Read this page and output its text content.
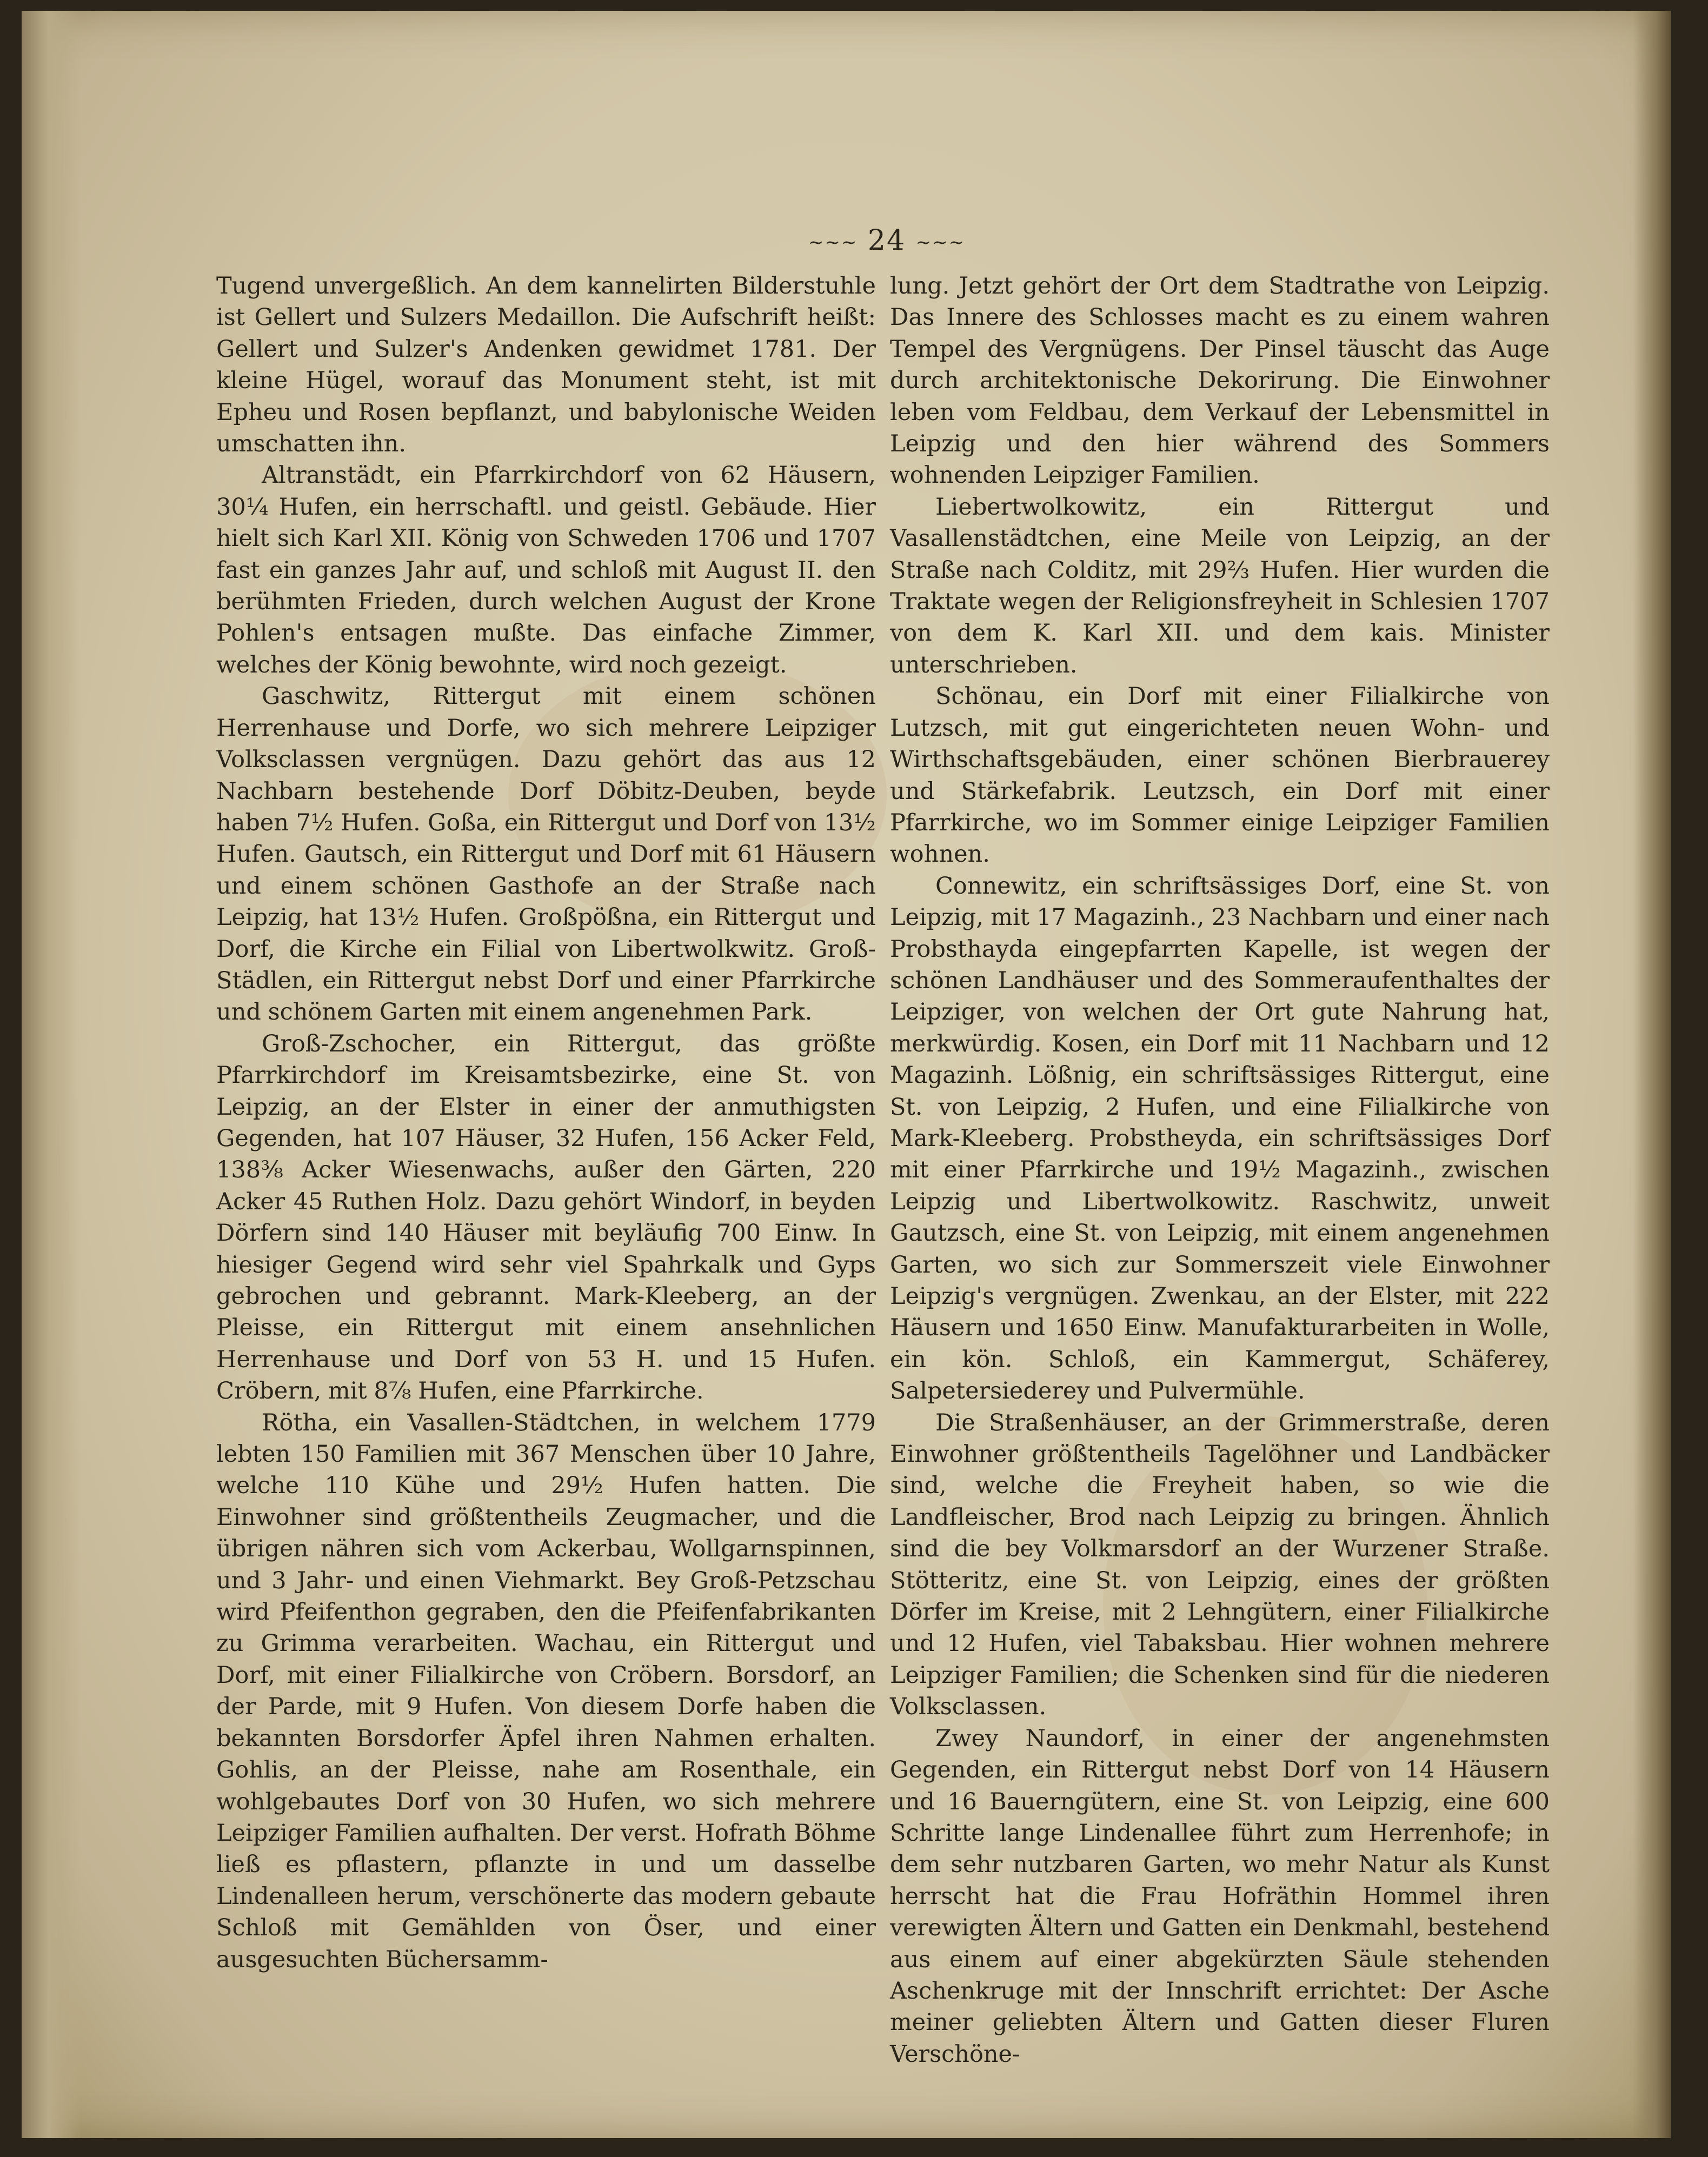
~~~ 24 ~~~

Tugend unvergeßlich. An dem kannelirten Bilderstuhle ist Gellert und Sulzers Medaillon. Die Aufschrift heißt: Gellert und Sulzer's Andenken gewidmet 1781. Der kleine Hügel, worauf das Monument steht, ist mit Epheu und Rosen bepflanzt, und babylonische Weiden umschatten ihn.

Altranstädt, ein Pfarrkirchdorf von 62 Häusern, 30¼ Hufen, ein herrschaftl. und geistl. Gebäude. Hier hielt sich Karl XII. König von Schweden 1706 und 1707 fast ein ganzes Jahr auf, und schloß mit August II. den berühmten Frieden, durch welchen August der Krone Pohlen's entsagen mußte. Das einfache Zimmer, welches der König bewohnte, wird noch gezeigt.

Gaschwitz, Rittergut mit einem schönen Herrenhause und Dorfe, wo sich mehrere Leipziger Volksclassen vergnügen. Dazu gehört das aus 12 Nachbarn bestehende Dorf Döbitz-Deuben, beyde haben 7½ Hufen. Goßa, ein Rittergut und Dorf von 13½ Hufen. Gautsch, ein Rittergut und Dorf mit 61 Häusern und einem schönen Gasthofe an der Straße nach Leipzig, hat 13½ Hufen. Großpößna, ein Rittergut und Dorf, die Kirche ein Filial von Libertwolkwitz. Groß-Städlen, ein Rittergut nebst Dorf und einer Pfarrkirche und schönem Garten mit einem angenehmen Park.

Groß-Zschocher, ein Rittergut, das größte Pfarrkirchdorf im Kreisamtsbezirke, eine St. von Leipzig, an der Elster in einer der anmuthigsten Gegenden, hat 107 Häuser, 32 Hufen, 156 Acker Feld, 138⅜ Acker Wiesenwachs, außer den Gärten, 220 Acker 45 Ruthen Holz. Dazu gehört Windorf, in beyden Dörfern sind 140 Häuser mit beyläufig 700 Einw. In hiesiger Gegend wird sehr viel Spahrkalk und Gyps gebrochen und gebrannt. Mark-Kleeberg, an der Pleisse, ein Rittergut mit einem ansehnlichen Herrenhause und Dorf von 53 H. und 15 Hufen. Cröbern, mit 8⅞ Hufen, eine Pfarrkirche.

Rötha, ein Vasallen-Städtchen, in welchem 1779 lebten 150 Familien mit 367 Menschen über 10 Jahre, welche 110 Kühe und 29½ Hufen hatten. Die Einwohner sind größtentheils Zeugmacher, und die übrigen nähren sich vom Ackerbau, Wollgarnspinnen, und 3 Jahr- und einen Viehmarkt. Bey Groß-Petzschau wird Pfeifenthon gegraben, den die Pfeifenfabrikanten zu Grimma verarbeiten. Wachau, ein Rittergut und Dorf, mit einer Filialkirche von Cröbern. Borsdorf, an der Parde, mit 9 Hufen. Von diesem Dorfe haben die bekannten Borsdorfer Äpfel ihren Nahmen erhalten. Gohlis, an der Pleisse, nahe am Rosenthale, ein wohlgebautes Dorf von 30 Hufen, wo sich mehrere Leipziger Familien aufhalten. Der verst. Hofrath Böhme ließ es pflastern, pflanzte in und um dasselbe Lindenalleen herum, verschönerte das modern gebaute Schloß mit Gemählden von Öser, und einer ausgesuchten Büchersamm-

lung. Jetzt gehört der Ort dem Stadtrathe von Leipzig. Das Innere des Schlosses macht es zu einem wahren Tempel des Vergnügens. Der Pinsel täuscht das Auge durch architektonische Dekorirung. Die Einwohner leben vom Feldbau, dem Verkauf der Lebensmittel in Leipzig und den hier während des Sommers wohnenden Leipziger Familien.

Liebertwolkowitz, ein Rittergut und Vasallenstädtchen, eine Meile von Leipzig, an der Straße nach Colditz, mit 29⅔ Hufen. Hier wurden die Traktate wegen der Religionsfreyheit in Schlesien 1707 von dem K. Karl XII. und dem kais. Minister unterschrieben.

Schönau, ein Dorf mit einer Filialkirche von Lutzsch, mit gut eingerichteten neuen Wohn- und Wirthschaftsgebäuden, einer schönen Bierbrauerey und Stärkefabrik. Leutzsch, ein Dorf mit einer Pfarrkirche, wo im Sommer einige Leipziger Familien wohnen.

Connewitz, ein schriftsässiges Dorf, eine St. von Leipzig, mit 17 Magazinh., 23 Nachbarn und einer nach Probsthayda eingepfarrten Kapelle, ist wegen der schönen Landhäuser und des Sommeraufenthaltes der Leipziger, von welchen der Ort gute Nahrung hat, merkwürdig. Kosen, ein Dorf mit 11 Nachbarn und 12 Magazinh. Lößnig, ein schriftsässiges Rittergut, eine St. von Leipzig, 2 Hufen, und eine Filialkirche von Mark-Kleeberg. Probstheyda, ein schriftsässiges Dorf mit einer Pfarrkirche und 19½ Magazinh., zwischen Leipzig und Libertwolkowitz. Raschwitz, unweit Gautzsch, eine St. von Leipzig, mit einem angenehmen Garten, wo sich zur Sommerszeit viele Einwohner Leipzig's vergnügen. Zwenkau, an der Elster, mit 222 Häusern und 1650 Einw. Manufakturarbeiten in Wolle, ein kön. Schloß, ein Kammergut, Schäferey, Salpetersiederey und Pulvermühle.

Die Straßenhäuser, an der Grimmerstraße, deren Einwohner größtentheils Tagelöhner und Landbäcker sind, welche die Freyheit haben, so wie die Landfleischer, Brod nach Leipzig zu bringen. Ähnlich sind die bey Volkmarsdorf an der Wurzener Straße. Stötteritz, eine St. von Leipzig, eines der größten Dörfer im Kreise, mit 2 Lehngütern, einer Filialkirche und 12 Hufen, viel Tabaksbau. Hier wohnen mehrere Leipziger Familien; die Schenken sind für die niederen Volksclassen.

Zwey Naundorf, in einer der angenehmsten Gegenden, ein Rittergut nebst Dorf von 14 Häusern und 16 Bauerngütern, eine St. von Leipzig, eine 600 Schritte lange Lindenallee führt zum Herrenhofe; in dem sehr nutzbaren Garten, wo mehr Natur als Kunst herrscht hat die Frau Hofräthin Hommel ihren verewigten Ältern und Gatten ein Denkmahl, bestehend aus einem auf einer abgekürzten Säule stehenden Aschenkruge mit der Innschrift errichtet: Der Asche meiner geliebten Ältern und Gatten dieser Fluren Verschöne-
